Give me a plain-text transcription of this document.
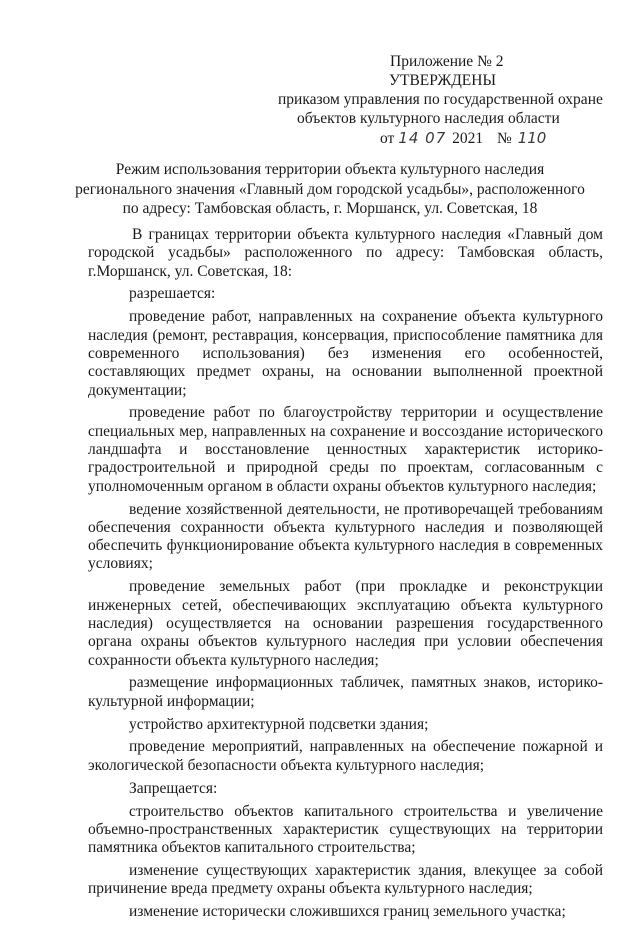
Приложение № 2
УТВЕРЖДЕНЫ
приказом управления по государственной охране
объектов культурного наследия области
от 14 07 2021 № 110
Режим использования территории объекта культурного наследия
регионального значения «Главный дом городской усадьбы», расположенного
по адресу: Тамбовская область, г. Моршанск, ул. Советская, 18

В границах территории объекта культурного наследия «Главный дом городской усадьбы» расположенного по адресу: Тамбовская область, г.Моршанск, ул. Советская, 18:

разрешается:

проведение работ, направленных на сохранение объекта культурного наследия (ремонт, реставрация, консервация, приспособление памятника для современного использования) без изменения его особенностей, составляющих предмет охраны, на основании выполненной проектной документации;

проведение работ по благоустройству территории и осуществление специальных мер, направленных на сохранение и воссоздание исторического ландшафта и восстановление ценностных характеристик историко-градостроительной и природной среды по проектам, согласованным с уполномоченным органом в области охраны объектов культурного наследия;

ведение хозяйственной деятельности, не противоречащей требованиям обеспечения сохранности объекта культурного наследия и позволяющей обеспечить функционирование объекта культурного наследия в современных условиях;

проведение земельных работ (при прокладке и реконструкции инженерных сетей, обеспечивающих эксплуатацию объекта культурного наследия) осуществляется на основании разрешения государственного органа охраны объектов культурного наследия при условии обеспечения сохранности объекта культурного наследия;

размещение информационных табличек, памятных знаков, историко-культурной информации;

устройство архитектурной подсветки здания;

проведение мероприятий, направленных на обеспечение пожарной и экологической безопасности объекта культурного наследия;

Запрещается:

строительство объектов капитального строительства и увеличение объемно-пространственных характеристик существующих на территории памятника объектов капитального строительства;

изменение существующих характеристик здания, влекущее за собой причинение вреда предмету охраны объекта культурного наследия;

изменение исторически сложившихся границ земельного участка;
